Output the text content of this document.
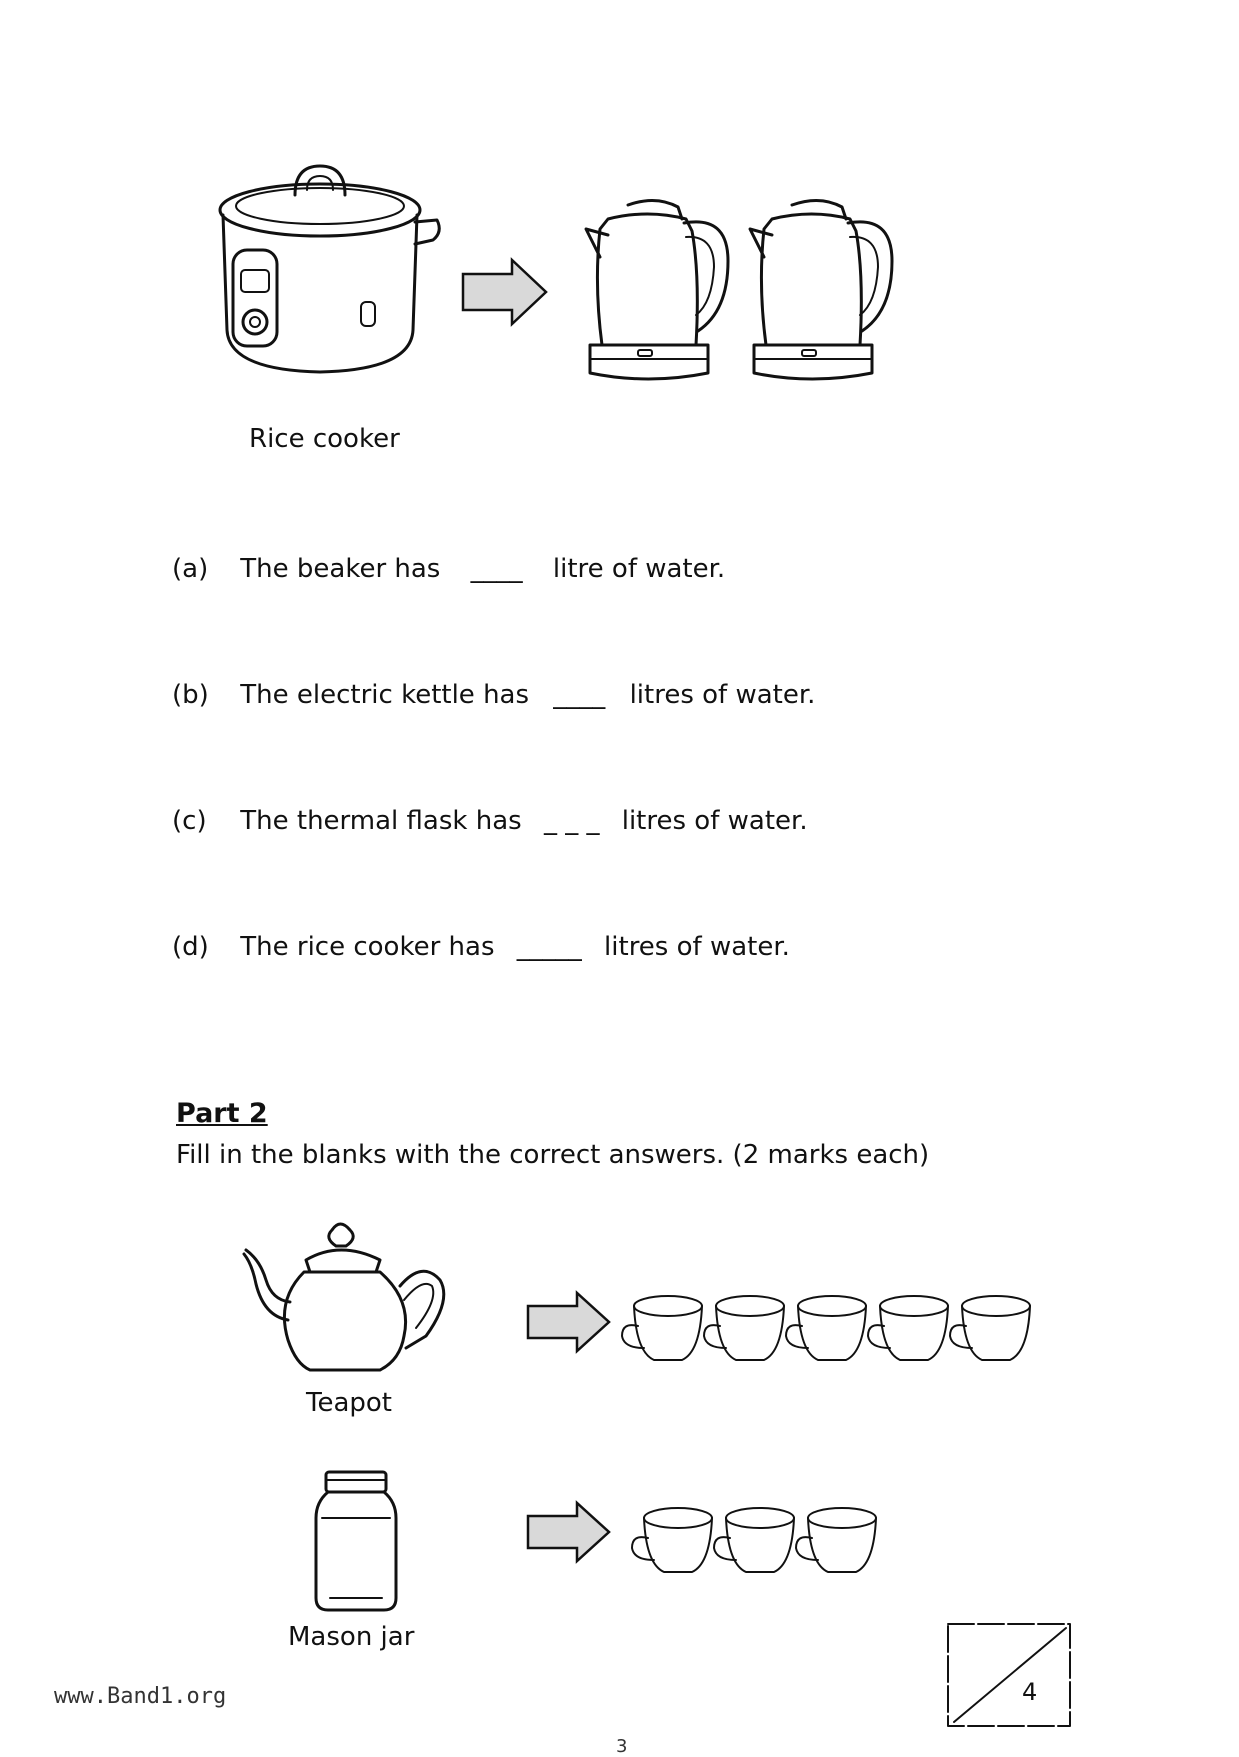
Rice cooker
(a) The beaker has ____ litre of water.
(b) The electric kettle has ____ litres of water.
(c) The thermal flask has _ _ _ litres of water.
(d) The rice cooker has _____ litres of water.
Part 2
Fill in the blanks with the correct answers. (2 marks each)
Teapot
Mason jar
www.Band1.org	4
3
